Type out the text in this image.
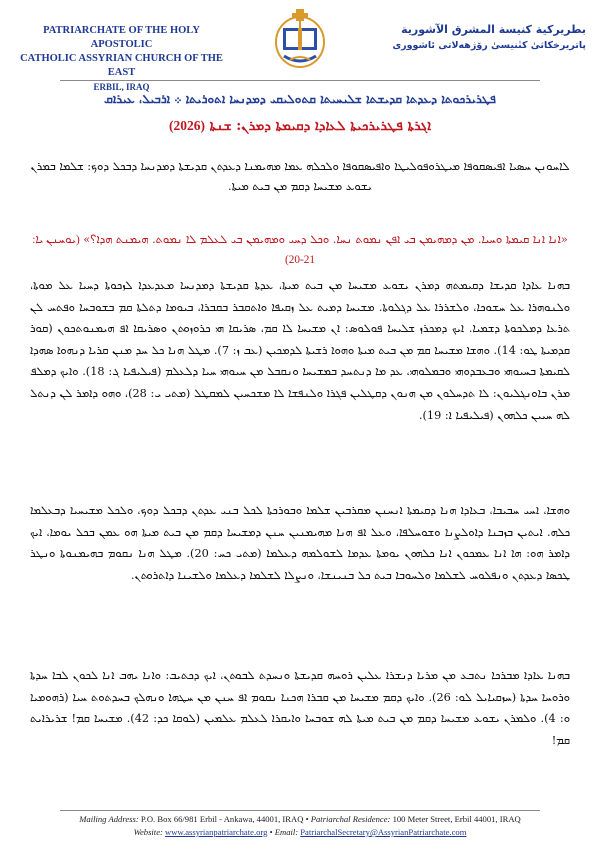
PATRIARCHATE OF THE HOLY APOSTOLIC
CATHOLIC ASSYRIAN CHURCH OF THE EAST
ERBIL, IRAQ
بطريركية كنيسة المشرق الآشورية
پاتريرخكاثىٰ كىٰنيسىٰ رۆژهەلاتى ئاشووری
ܦܛܪܝܪܟܘܬܐ ܕܥܕܬܐ ܩܕܝܫܬܐ ܫܠܝܚܝܬܐ ܩܬܘܠܝܩܝ ܕܡܕܢܚܐ ܐܬܘܪܝܬܐ ܀ ܐܪܒܝܠ، ܥܝܪܐܩ
ܐܓܪܬܐ ܦܛܪܝܪܟܝܬܐ ܠܥܐܕܐ ܕܩܝܡܬܐ ܕܡܪܢ: ܫܢܬܐ (2026)
ܠܐܚܘܢܢ ܚܣܝܐ ܐܦܝܣܩܘܦܐ ܡܝܛܪܘܦܘܠܝܛܐ ܘܐܦܝܣܩܘܦܐ ܘܠܟܠܗ ܥܡܐ ܡܗܝܡܢܐ ܕܥܕܬܢ ܩܕܝܫܬܐ ܕܡܕܢܚܐ ܕܒܟܠ ܕܘܟ: ܫܠܡܐ ܒܡܪܢ ܝܫܘܥ ܡܫܝܚܐ ܕܩܡ ܡܢ ܒܝܬ ܡܝܬܐ.
«ܐܢܐ ܐܢܐ ܩܝܡܬܐ ܘܚܝܐ. ܡܢ ܕܡܗܝܡܢ ܒܝ ܐܦܢ ܢܡܘܬ ܢܚܐ. ܘܟܠ ܕܚܝ ܘܡܗܝܡܢ ܒܝ ܠܥܠܡ ܠܐ ܢܡܘܬ. ܗܝܡܢܬ ܗܕܐ؟» (ܝܘܚܢܢ ܝܐ: 21-20)
ܒܗܢܐ ܥܐܕܐ ܩܕܝܫܐ ܕܩܝܡܬܗ ܕܡܪܢ ܝܫܘܥ ܡܫܝܚܐ ܡܢ ܒܝܬ ܡܝܬܐ، ܥܕܬܐ ܩܕܝܫܬܐ ܕܡܕܢܚܐ ܡܥܕܥܕܐ ܠܙܟܘܬܐ ܕܚܝܐ ܥܠ ܡܘܬܐ، ܘܠܢܘܗܪܐ ܥܠ ܚܫܘܟܐ، ܘܠܫܪܪܐ ܥܠ ܕܓܠܘܬܐ. ܡܫܝܚܐ ܕܡܝܬ ܥܠ ܙܩܝܦܐ ܘܐܬܩܒܪ ܒܩܒܪܐ، ܒܝܘܡܐ ܕܬܠܬܐ ܩܡ ܒܫܘܒܚܐ ܘܦܬܚ ܠܢ ܬܪܥܐ ܕܡܠܟܘܬܐ ܕܫܡܝܐ. ܐܝܟ ܕܡܟܪܙ ܫܠܝܚܐ ܦܘܠܘܣ: ܐܢ ܡܫܝܚܐ ܠܐ ܩܡ، ܣܪܝܩܐ ܗܝ ܟܪܘܙܘܬܢ ܘܣܪܝܩܐ ܐܦ ܗܝܡܢܘܬܟܘܢ (ܩܘܪ ܩܕܡܝܬܐ ܛܘ: 14). ܘܗܫܐ ܡܫܝܚܐ ܩܡ ܡܢ ܒܝܬ ܡܝܬܐ ܘܗܘܐ ܪܫܝܬܐ ܠܕܡܟܝܢ (ܥܒ ܙ: 7). ܡܛܠ ܗܢܐ ܟܠ ܚܕ ܡܢܢ ܩܪܝܐ ܕܢܗܘܐ ܣܗܕܐ ܠܩܝܡܬܐ ܒܚܝܘܗܝ ܘܒܥܒܕܘܗܝ ܘܒܡܠܘܗܝ، ܥܕ ܡܐ ܕܢܬܚܕ ܒܡܫܝܚܐ ܘܢܩܒܠ ܡܢ ܚܝܘܗܝ ܚܝܐ ܕܠܥܠܡ (ܦܝܠܝܦܝܐ ܓ: 18). ܘܐܝܟ ܕܡܠܦ ܡܪܢ ܒܐܘܢܓܠܝܘܢ: ܠܐ ܬܕܚܠܘܢ ܡܢ ܗܢܘܢ ܕܩܛܠܝܢ ܦܓܪܐ ܘܠܢܦܫܐ ܠܐ ܡܫܟܚܝܢ ܠܡܩܛܠ (ܡܬܝ ܝ: 28)، ܘܗܘ ܕܐܡܪ ܠܢ ܕܢܬܠ ܠܗ ܚܝܝܢ ܟܠܗܘܢ (ܦܝܠܝܦܝܐ ܐ: 19).
ܘܗܫܐ، ܐܚܝ ܚܒܝܒܐ، ܒܥܐܕܐ ܗܢܐ ܕܩܝܡܬܐ ܐܢܚܢܢ ܡܩܪܒܝܢ ܫܠܡܐ ܘܒܘܪܟܬܐ ܠܟܠ ܒܢܝ ܥܕܬܢ ܕܒܟܠ ܕܘܟ، ܘܠܟܠ ܡܫܝܚܝܐ ܕܒܥܠܡܐ ܟܠܗ. ܐܝܬܝܢ ܒܙܒܢܐ ܕܐܘܠܨܢܐ ܘܫܘܚܠܦܐ، ܘܥܠ ܐܦ ܗܢܐ ܡܗܝܡܢܝܢ ܚܢܢ ܕܡܫܝܚܐ ܕܩܡ ܡܢ ܒܝܬ ܡܝܬܐ ܗܘ ܥܡܢ ܒܟܠ ܝܘܡܐ، ܐܝܟ ܕܐܡܪ ܗܘ: ܗܐ ܐܢܐ ܥܡܟܘܢ ܐܢܐ ܟܠܗܘܢ ܝܘܡܬܐ ܥܕܡܐ ܠܫܘܠܡܗ ܕܥܠܡܐ (ܡܬܝ ܟܚ: 20). ܡܛܠ ܗܢܐ ܢܩܘܡ ܒܗܝܡܢܘܬܐ ܘܢܛܪ ܛܟܣܐ ܕܥܕܬܢ ܘܢܦܠܘܚ ܠܫܠܡܐ ܘܠܚܘܒܐ ܒܝܬ ܟܠ ܒܢܝܢܫܐ، ܘܢܨܠܐ ܠܫܠܡܐ ܕܥܠܡܐ ܘܠܫܝܢܐ ܕܐܬܪܘܬܢ.
ܒܗܢܐ ܥܐܕܐ ܡܒܪܟܐ ܢܬܒܥ ܡܢ ܡܪܝܐ ܕܢܫܪܐ ܥܠܝܢ ܪܘܚܗ ܩܕܝܫܬܐ ܘܢܚܕܬ ܠܒܘܬܢ، ܐܝܟ ܕܟܬܝܒ: ܘܐܢܐ ܝܗܒ ܐܢܐ ܠܟܘܢ ܠܒܐ ܚܕܬܐ ܘܪܘܚܐ ܚܕܬܐ (ܚܙܩܝܐܝܠ ܠܘ: 26). ܘܐܝܟ ܕܩܡ ܡܫܝܚܐ ܡܢ ܩܒܪܐ ܗܟܢܐ ܢܩܘܡ ܐܦ ܚܢܢ ܡܢ ܚܛܗܐ ܘܢܗܠܟ ܒܚܕܬܘܬ ܚܝܐ (ܪܗܘܡܝܐ ܘ: 4). ܘܠܡܪܢ ܝܫܘܥ ܡܫܝܚܐ ܕܩܡ ܡܢ ܒܝܬ ܡܝܬܐ ܠܗ ܫܘܒܚܐ ܘܐܝܩܪܐ ܠܥܠܡ ܥܠܡܝܢ (ܠܘܩܐ ܟܕ: 42). ܡܫܝܚܐ ܩܡ! ܫܪܝܪܐܝܬ ܩܡ!
Mailing Address: P.O. Box 66/981 Erbil - Ankawa, 44001, IRAQ • Patriarchal Residence: 100 Meter Street, Erbil 44001, IRAQ
Website: www.assyrianpatriarchate.org • Email: PatriarchalSecretary@AssyrianPatriarchate.com
